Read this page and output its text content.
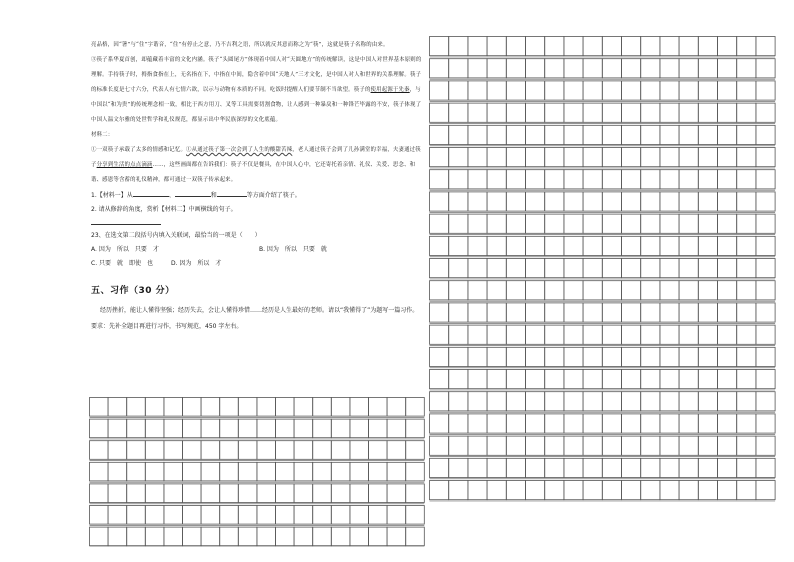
亮品格，因“箸”与“住”字谐音，“住”有停止之意，乃不吉利之语，所以就反其意而称之为“筷”，这就是筷子名称的由来。

③筷子系华夏首创，却蕴藏着丰富的文化内涵。筷子“头圆尾方”体现着中国人对“天圆地方”的传统解读，这是中国人对世界基本原则的理解。手持筷子时，拇指食指在上，无名指在下，中指在中间，隐含着中国“天地人”三才文化，是中国人对人和世界的关系理解。筷子的标准长度是七寸六分，代表人有七情六欲，以示与动物有本质的不同。吃饭时提醒人们要节制不当欲望。筷子的使用起源于先秦，与中国以“和为贵”的传统理念相一致，相比于西方用刀、叉等工具需要切割食物，让人感到一种暴戾和一种锋芒毕露的不安，筷子体现了中国人温文尔雅的处世哲学和礼仪规范，都显示出中华民族深厚的文化底蕴。

材料二：

①一双筷子承载了太多的情感和记忆。①从通过筷子第一次会到了人生的酸甜苦辣，老人通过筷子会到了儿孙满堂的幸福，夫妻通过筷子分享到生活的点点滴滴……，这些画面都在告诉我们：筷子不仅是餐具，在中国人心中，它还寄托着亲情、礼仪、关爱、思念、和谐、感恩等含蓄的礼仪精神，都可通过一双筷子传承起来。

1.【材料一】从	、	和	等方面介绍了筷子。

2. 请从修辞的角度，赏析【材料二】中画横线的句子。

23、在选文第二段括号内填入关联词，最恰当的一项是（　　）

A. 因为　所以　只要　才	B. 因为　所以　只要　就
C. 只要　就　即使　也	D. 因为　所以　才
五、习作（30 分）

经历挫折，能让人懂得坚强；经历失去，会让人懂得珍惜……经历是人生最好的老师。请以“我懂得了”为题写一篇习作。

要求：先补全题目再进行习作，书写规范，450 字左右。
